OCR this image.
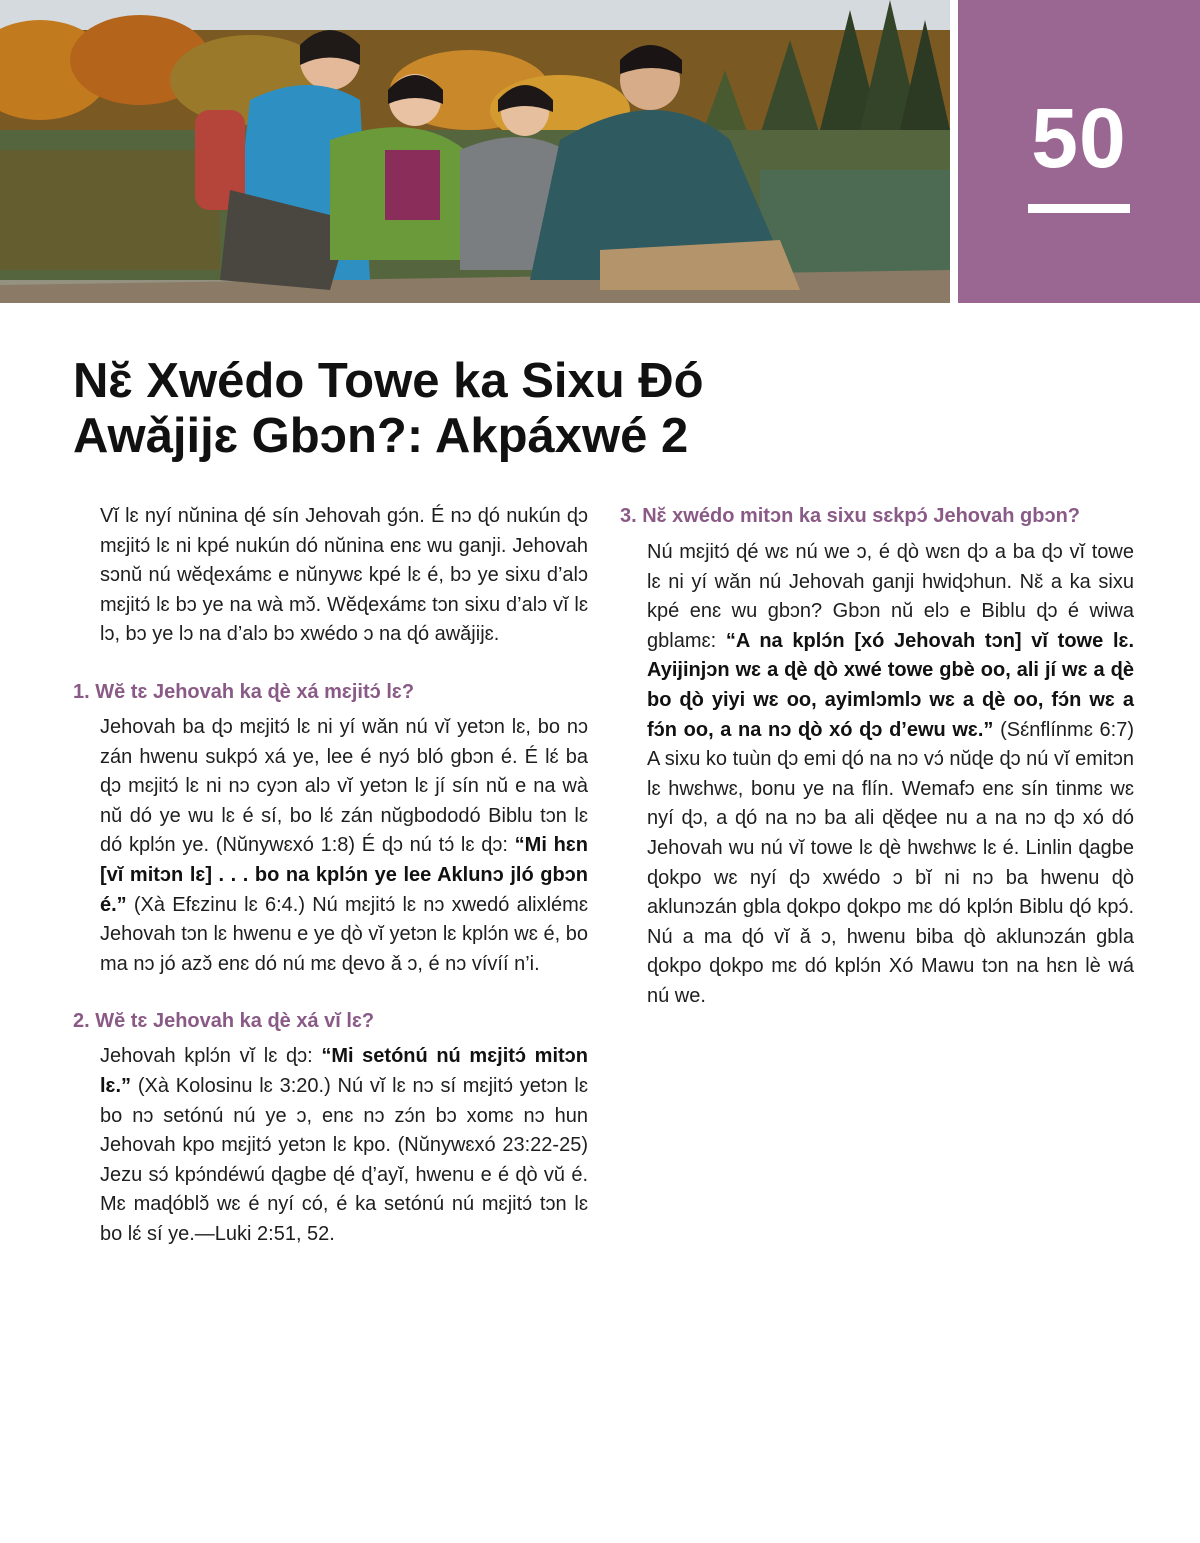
50
Nɛ̆ Xwédo Towe ka Sixu Ðó
Awǎjijɛ Gbɔn?: Akpáxwé 2

Vĭ lɛ nyí nŭnina ɖé sín Jehovah gɔ́n. É nɔ ɖó nukún ɖɔ mɛjitɔ́ lɛ ni kpé nukún dó nŭnina enɛ wu ganji. Jehovah sɔnŭ nú wĕɖexámɛ e nŭnywɛ kpé lɛ é, bɔ ye sixu d’alɔ mɛjitɔ́ lɛ bɔ ye na wà mɔ̌. Wĕɖexámɛ tɔn sixu d’alɔ vĭ lɛ lɔ, bɔ ye lɔ na d’alɔ bɔ xwédo ɔ na ɖó awǎjijɛ.

1. Wĕ tɛ Jehovah ka ɖè xá mɛjitɔ́ lɛ?

Jehovah ba ɖɔ mɛjitɔ́ lɛ ni yí wǎn nú vĭ yetɔn lɛ, bo nɔ zán hwenu sukpɔ́ xá ye, lee é nyɔ́ bló gbɔn é. É lɛ́ ba ɖɔ mɛjitɔ́ lɛ ni nɔ cyɔn alɔ vĭ yetɔn lɛ jí sín nŭ e na wà nŭ dó ye wu lɛ é sí, bo lɛ́ zán nŭgbododó Biblu tɔn lɛ dó kplɔ́n ye. (Nŭnywɛxó 1:8) É ɖɔ nú tɔ́ lɛ ɖɔ: “Mi hɛn [vĭ mitɔn lɛ] . . . bo na kplɔ́n ye lee Aklunɔ jló gbɔn é.” (Xà Efɛzinu lɛ 6:4.) Nú mɛjitɔ́ lɛ nɔ xwedó alixlémɛ Jehovah tɔn lɛ hwenu e ye ɖò vĭ yetɔn lɛ kplɔ́n wɛ é, bo ma nɔ jó azɔ̌ enɛ dó nú mɛ ɖevo ǎ ɔ, é nɔ vívíí n’i.

2. Wĕ tɛ Jehovah ka ɖè xá vĭ lɛ?

Jehovah kplɔ́n vĭ lɛ ɖɔ: “Mi setónú nú mɛjitɔ́ mitɔn lɛ.” (Xà Kolosinu lɛ 3:20.) Nú vĭ lɛ nɔ sí mɛjitɔ́ yetɔn lɛ bo nɔ setónú nú ye ɔ, enɛ nɔ zɔ́n bɔ xomɛ nɔ hun Jehovah kpo mɛjitɔ́ yetɔn lɛ kpo. (Nŭnywɛxó 23:22-25) Jezu sɔ́ kpɔ́ndéwú ɖagbe ɖé ɖ’ayĭ, hwenu e é ɖò vŭ é. Mɛ maɖóblɔ̌ wɛ é nyí có, é ka setónú nú mɛjitɔ́ tɔn lɛ bo lɛ́ sí ye.—Luki 2:51, 52.

3. Nɛ̆ xwédo mitɔn ka sixu sɛkpɔ́ Jehovah gbɔn?

Nú mɛjitɔ́ ɖé wɛ nú we ɔ, é ɖò wɛn ɖɔ a ba ɖɔ vĭ towe lɛ ni yí wǎn nú Jehovah ganji hwiɖɔhun. Nɛ̆ a ka sixu kpé enɛ wu gbɔn? Gbɔn nŭ elɔ e Biblu ɖɔ é wiwa gblamɛ: “A na kplɔ́n [xó Jehovah tɔn] vĭ towe lɛ. Ayijinjɔn wɛ a ɖè ɖò xwé towe gbè oo, ali jí wɛ a ɖè bo ɖò yiyi wɛ oo, ayimlɔmlɔ wɛ a ɖè oo, fɔ́n wɛ a fɔ́n oo, a na nɔ ɖò xó ɖɔ d’ewu wɛ.” (Sɛ́nflínmɛ 6:7) A sixu ko tuùn ɖɔ emi ɖó na nɔ vɔ́ nŭɖe ɖɔ nú vĭ emitɔn lɛ hwɛhwɛ, bonu ye na flín. Wemafɔ enɛ sín tinmɛ wɛ nyí ɖɔ, a ɖó na nɔ ba ali ɖĕɖee nu a na nɔ ɖɔ xó dó Jehovah wu nú vĭ towe lɛ ɖè hwɛhwɛ lɛ é. Linlin ɖagbe ɖokpo wɛ nyí ɖɔ xwédo ɔ bĭ ni nɔ ba hwenu ɖò aklunɔzán gbla ɖokpo ɖokpo mɛ dó kplɔ́n Biblu ɖó kpɔ́. Nú a ma ɖó vĭ ǎ ɔ, hwenu biba ɖò aklunɔzán gbla ɖokpo ɖokpo mɛ dó kplɔ́n Xó Mawu tɔn na hɛn lè wá nú we.
